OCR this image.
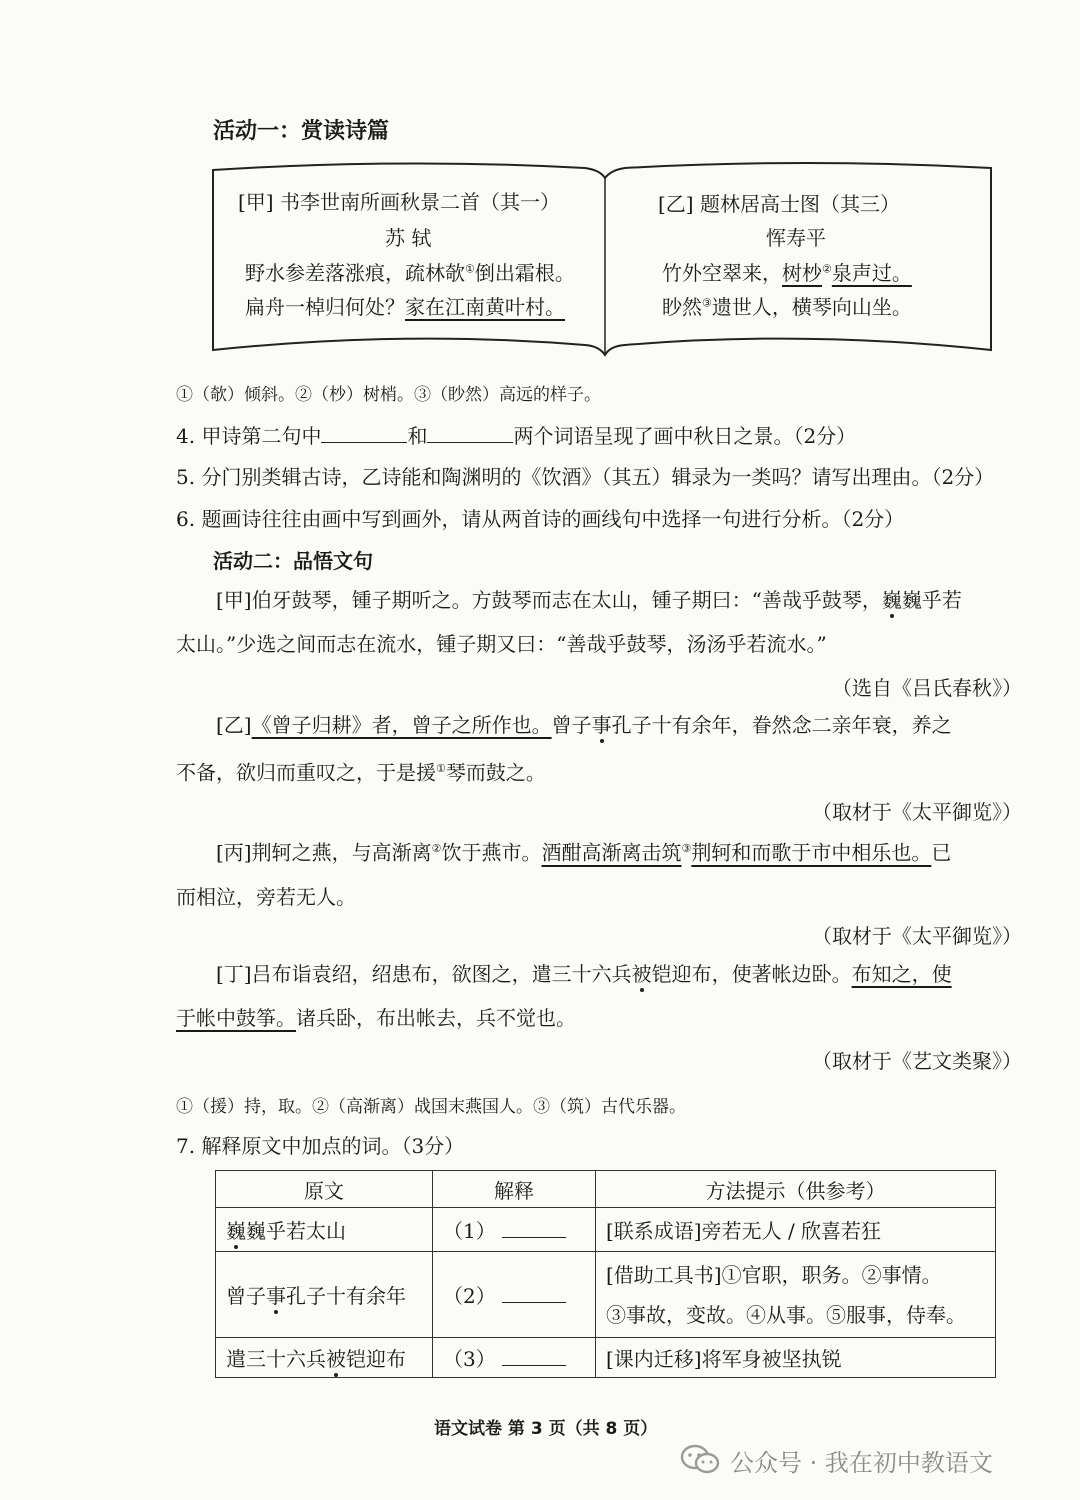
活动一：赏读诗篇
[甲] 书李世南所画秋景二首（其一）
苏 轼
野水参差落涨痕，疏林欹①倒出霜根。
扁舟一棹归何处？家在江南黄叶村。
[乙] 题林居高士图（其三）
恽寿平
竹外空翠来，树杪②泉声过。
眇然③遗世人，横琴向山坐。
①（欹）倾斜。②（杪）树梢。③（眇然）高远的样子。
4. 甲诗第二句中	和	两个词语呈现了画中秋日之景。（2分）
5. 分门别类辑古诗，乙诗能和陶渊明的《饮酒》（其五）辑录为一类吗？请写出理由。（2分）
6. 题画诗往往由画中写到画外，请从两首诗的画线句中选择一句进行分析。（2分）
活动二：品悟文句
[甲]伯牙鼓琴，锺子期听之。方鼓琴而志在太山，锺子期曰：“善哉乎鼓琴，巍巍乎若
太山。”少选之间而志在流水，锺子期又曰：“善哉乎鼓琴，汤汤乎若流水。”
（选自《吕氏春秋》）
[乙]《曾子归耕》者，曾子之所作也。曾子事孔子十有余年，眷然念二亲年衰，养之
不备，欲归而重叹之，于是援①琴而鼓之。
（取材于《太平御览》）
[丙]荆轲之燕，与高渐离②饮于燕市。酒酣高渐离击筑③荆轲和而歌于市中相乐也。已
而相泣，旁若无人。
（取材于《太平御览》）
[丁]吕布诣袁绍，绍患布，欲图之，遣三十六兵被铠迎布，使著帐边卧。布知之，使
于帐中鼓筝。诸兵卧，布出帐去，兵不觉也。
（取材于《艺文类聚》）
①（援）持，取。②（高渐离）战国末燕国人。③（筑）古代乐器。
7. 解释原文中加点的词。（3分）
原文	解释	方法提示（供参考）
巍巍乎若太山	（1）	[联系成语]旁若无人 / 欣喜若狂
曾子事孔子十有余年	（2）	[借助工具书]①官职，职务。②事情。
③事故，变故。④从事。⑤服事，侍奉。

遣三十六兵被铠迎布	（3）	[课内迁移]将军身被坚执锐
语文试卷 第 3 页（共 8 页）
公众号 · 我在初中教语文
